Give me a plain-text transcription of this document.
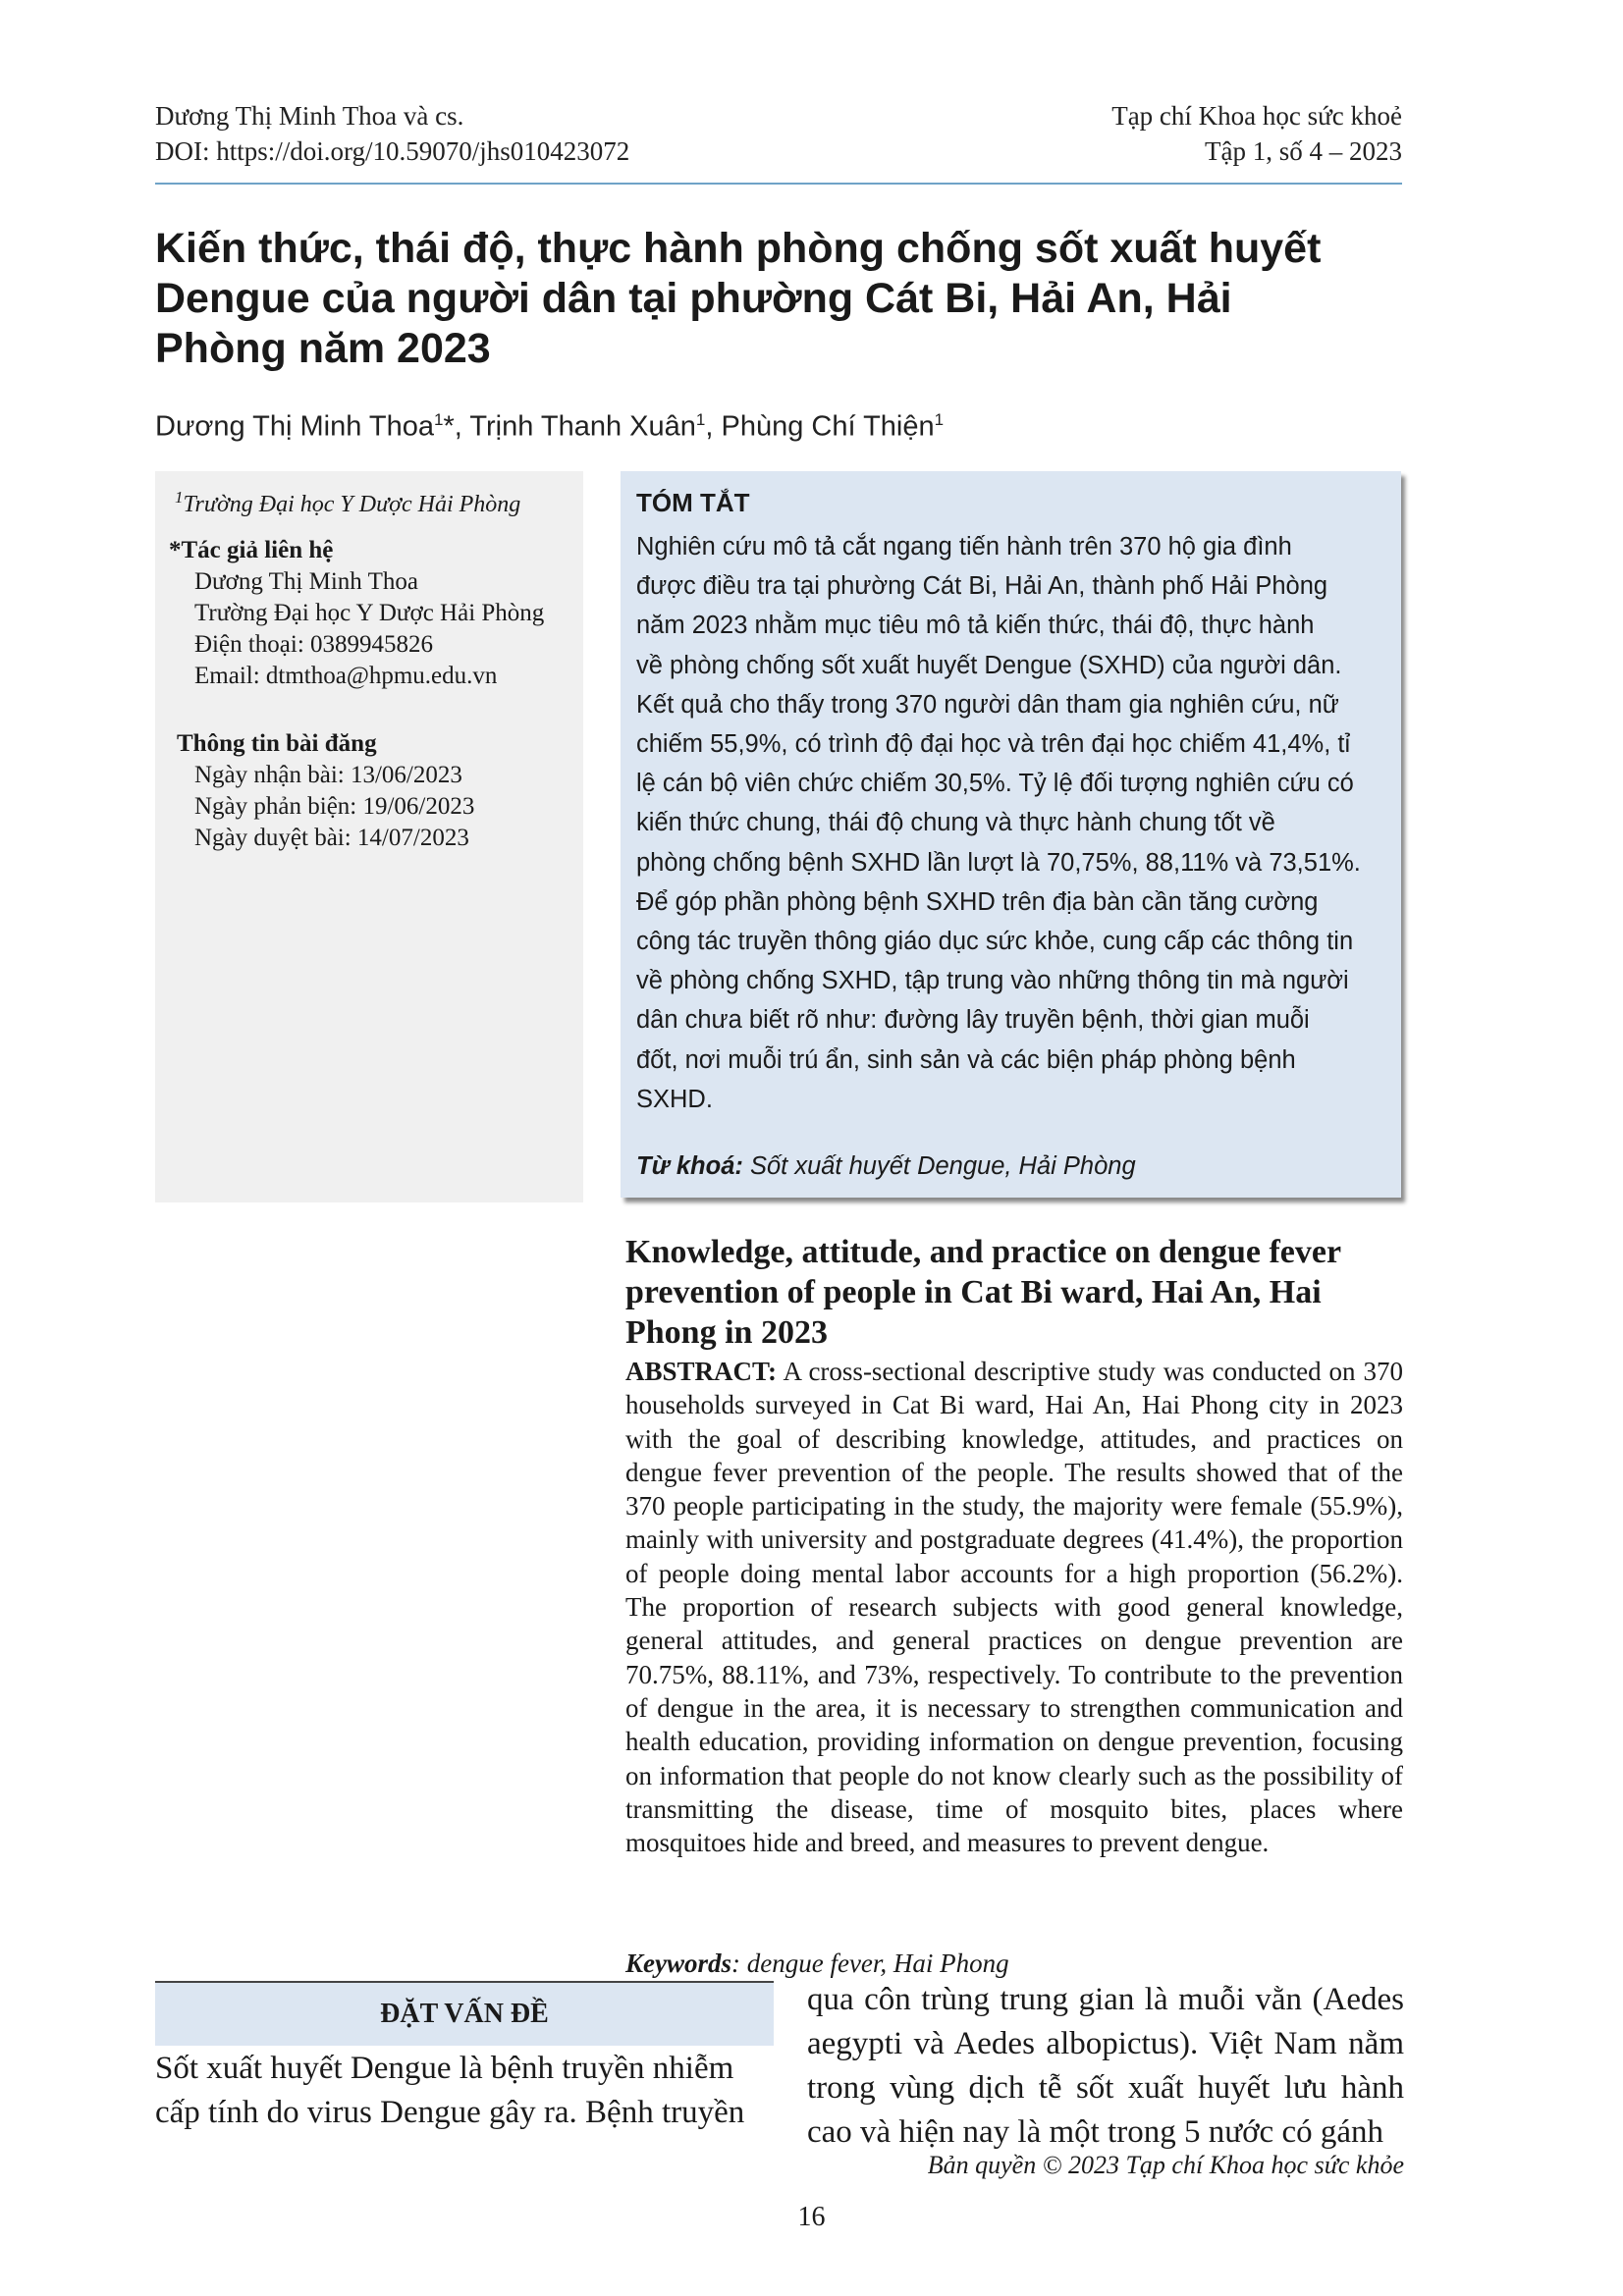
Dương Thị Minh Thoa và cs.
DOI: https://doi.org/10.59070/jhs010423072
Tạp chí Khoa học sức khoẻ
Tập 1, số 4 – 2023
Kiến thức, thái độ, thực hành phòng chống sốt xuất huyết
Dengue của người dân tại phường Cát Bi, Hải An, Hải
Phòng năm 2023
Dương Thị Minh Thoa$^1$*, Trịnh Thanh Xuân$^1$, Phùng Chí Thiện$^1$
$^1$Trường Đại học Y Dược Hải Phòng
*Tác giả liên hệ
Dương Thị Minh Thoa
Trường Đại học Y Dược Hải Phòng
Điện thoại: 0389945826
Email: dtmthoa@hpmu.edu.vn
Thông tin bài đăng
Ngày nhận bài: 13/06/2023
Ngày phản biện: 19/06/2023
Ngày duyệt bài: 14/07/2023
TÓM TẮT
Nghiên cứu mô tả cắt ngang tiến hành trên 370 hộ gia đình
được điều tra tại phường Cát Bi, Hải An, thành phố Hải Phòng
năm 2023 nhằm mục tiêu mô tả kiến thức, thái độ, thực hành
về phòng chống sốt xuất huyết Dengue (SXHD) của người dân.
Kết quả cho thấy trong 370 người dân tham gia nghiên cứu, nữ
chiếm 55,9%, có trình độ đại học và trên đại học chiếm 41,4%, tỉ
lệ cán bộ viên chức chiếm 30,5%. Tỷ lệ đối tượng nghiên cứu có
kiến thức chung, thái độ chung và thực hành chung tốt về
phòng chống bệnh SXHD lần lượt là 70,75%, 88,11% và 73,51%.
Để góp phần phòng bệnh SXHD trên địa bàn cần tăng cường
công tác truyền thông giáo dục sức khỏe, cung cấp các thông tin
về phòng chống SXHD, tập trung vào những thông tin mà người
dân chưa biết rõ như: đường lây truyền bệnh, thời gian muỗi
đốt, nơi muỗi trú ẩn, sinh sản và các biện pháp phòng bệnh
SXHD.
Từ khoá: Sốt xuất huyết Dengue, Hải Phòng
Knowledge, attitude, and practice on dengue fever
prevention of people in Cat Bi ward, Hai An, Hai
Phong in 2023
ABSTRACT: A cross-sectional descriptive study was conducted on 370 households surveyed in Cat Bi ward, Hai An, Hai Phong city in 2023 with the goal of describing knowledge, attitudes, and practices on dengue fever prevention of the people. The results showed that of the 370 people participating in the study, the majority were female (55.9%), mainly with university and postgraduate degrees (41.4%), the proportion of people doing mental labor accounts for a high proportion (56.2%). The proportion of research subjects with good general knowledge, general attitudes, and general practices on dengue prevention are 70.75%, 88.11%, and 73%, respectively. To contribute to the prevention of dengue in the area, it is necessary to strengthen communication and health education, providing information on dengue prevention, focusing on information that people do not know clearly such as the possibility of transmitting the disease, time of mosquito bites, places where mosquitoes hide and breed, and measures to prevent dengue.
Keywords: dengue fever, Hai Phong
ĐẶT VẤN ĐỀ
Sốt xuất huyết Dengue là bệnh truyền nhiễm
cấp tính do virus Dengue gây ra. Bệnh truyền
qua côn trùng trung gian là muỗi vằn (Aedes aegypti và Aedes albopictus). Việt Nam nằm trong vùng dịch tễ sốt xuất huyết lưu hành cao và hiện nay là một trong 5 nước có gánh
Bản quyền © 2023 Tạp chí Khoa học sức khỏe
16
